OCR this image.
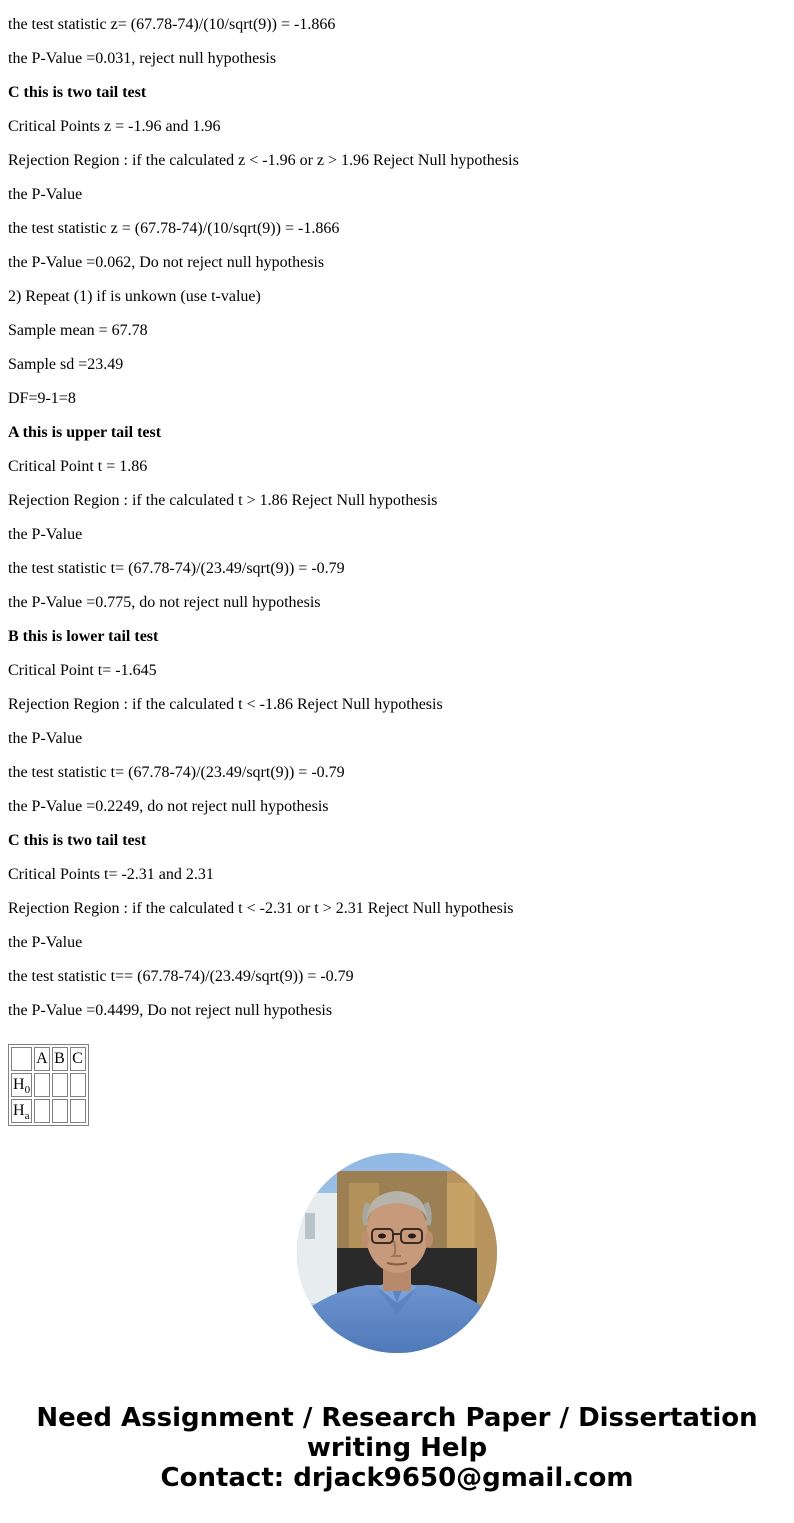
the test statistic z= (67.78-74)/(10/sqrt(9)) = -1.866

the P-Value =0.031, reject null hypothesis

C this is two tail test

Critical Points z = -1.96 and 1.96

Rejection Region : if the calculated z < -1.96 or z > 1.96 Reject Null hypothesis

the P-Value

the test statistic z = (67.78-74)/(10/sqrt(9)) = -1.866

the P-Value =0.062, Do not reject null hypothesis

2) Repeat (1) if is unkown (use t-value)

Sample mean = 67.78

Sample sd =23.49

DF=9-1=8

A this is upper tail test

Critical Point t = 1.86

Rejection Region : if the calculated t > 1.86 Reject Null hypothesis

the P-Value

the test statistic t= (67.78-74)/(23.49/sqrt(9)) = -0.79

the P-Value =0.775, do not reject null hypothesis

B this is lower tail test

Critical Point t= -1.645

Rejection Region : if the calculated t < -1.86 Reject Null hypothesis

the P-Value

the test statistic t= (67.78-74)/(23.49/sqrt(9)) = -0.79

the P-Value =0.2249, do not reject null hypothesis

C this is two tail test

Critical Points t= -2.31 and 2.31

Rejection Region : if the calculated t < -2.31 or t > 2.31 Reject Null hypothesis

the P-Value

the test statistic t== (67.78-74)/(23.49/sqrt(9)) = -0.79

the P-Value =0.4499, Do not reject null hypothesis

	A	B	C
$H_0$			
$H_a$			
Need Assignment / Research Paper / Dissertation
writing Help
Contact: drjack9650@gmail.com
